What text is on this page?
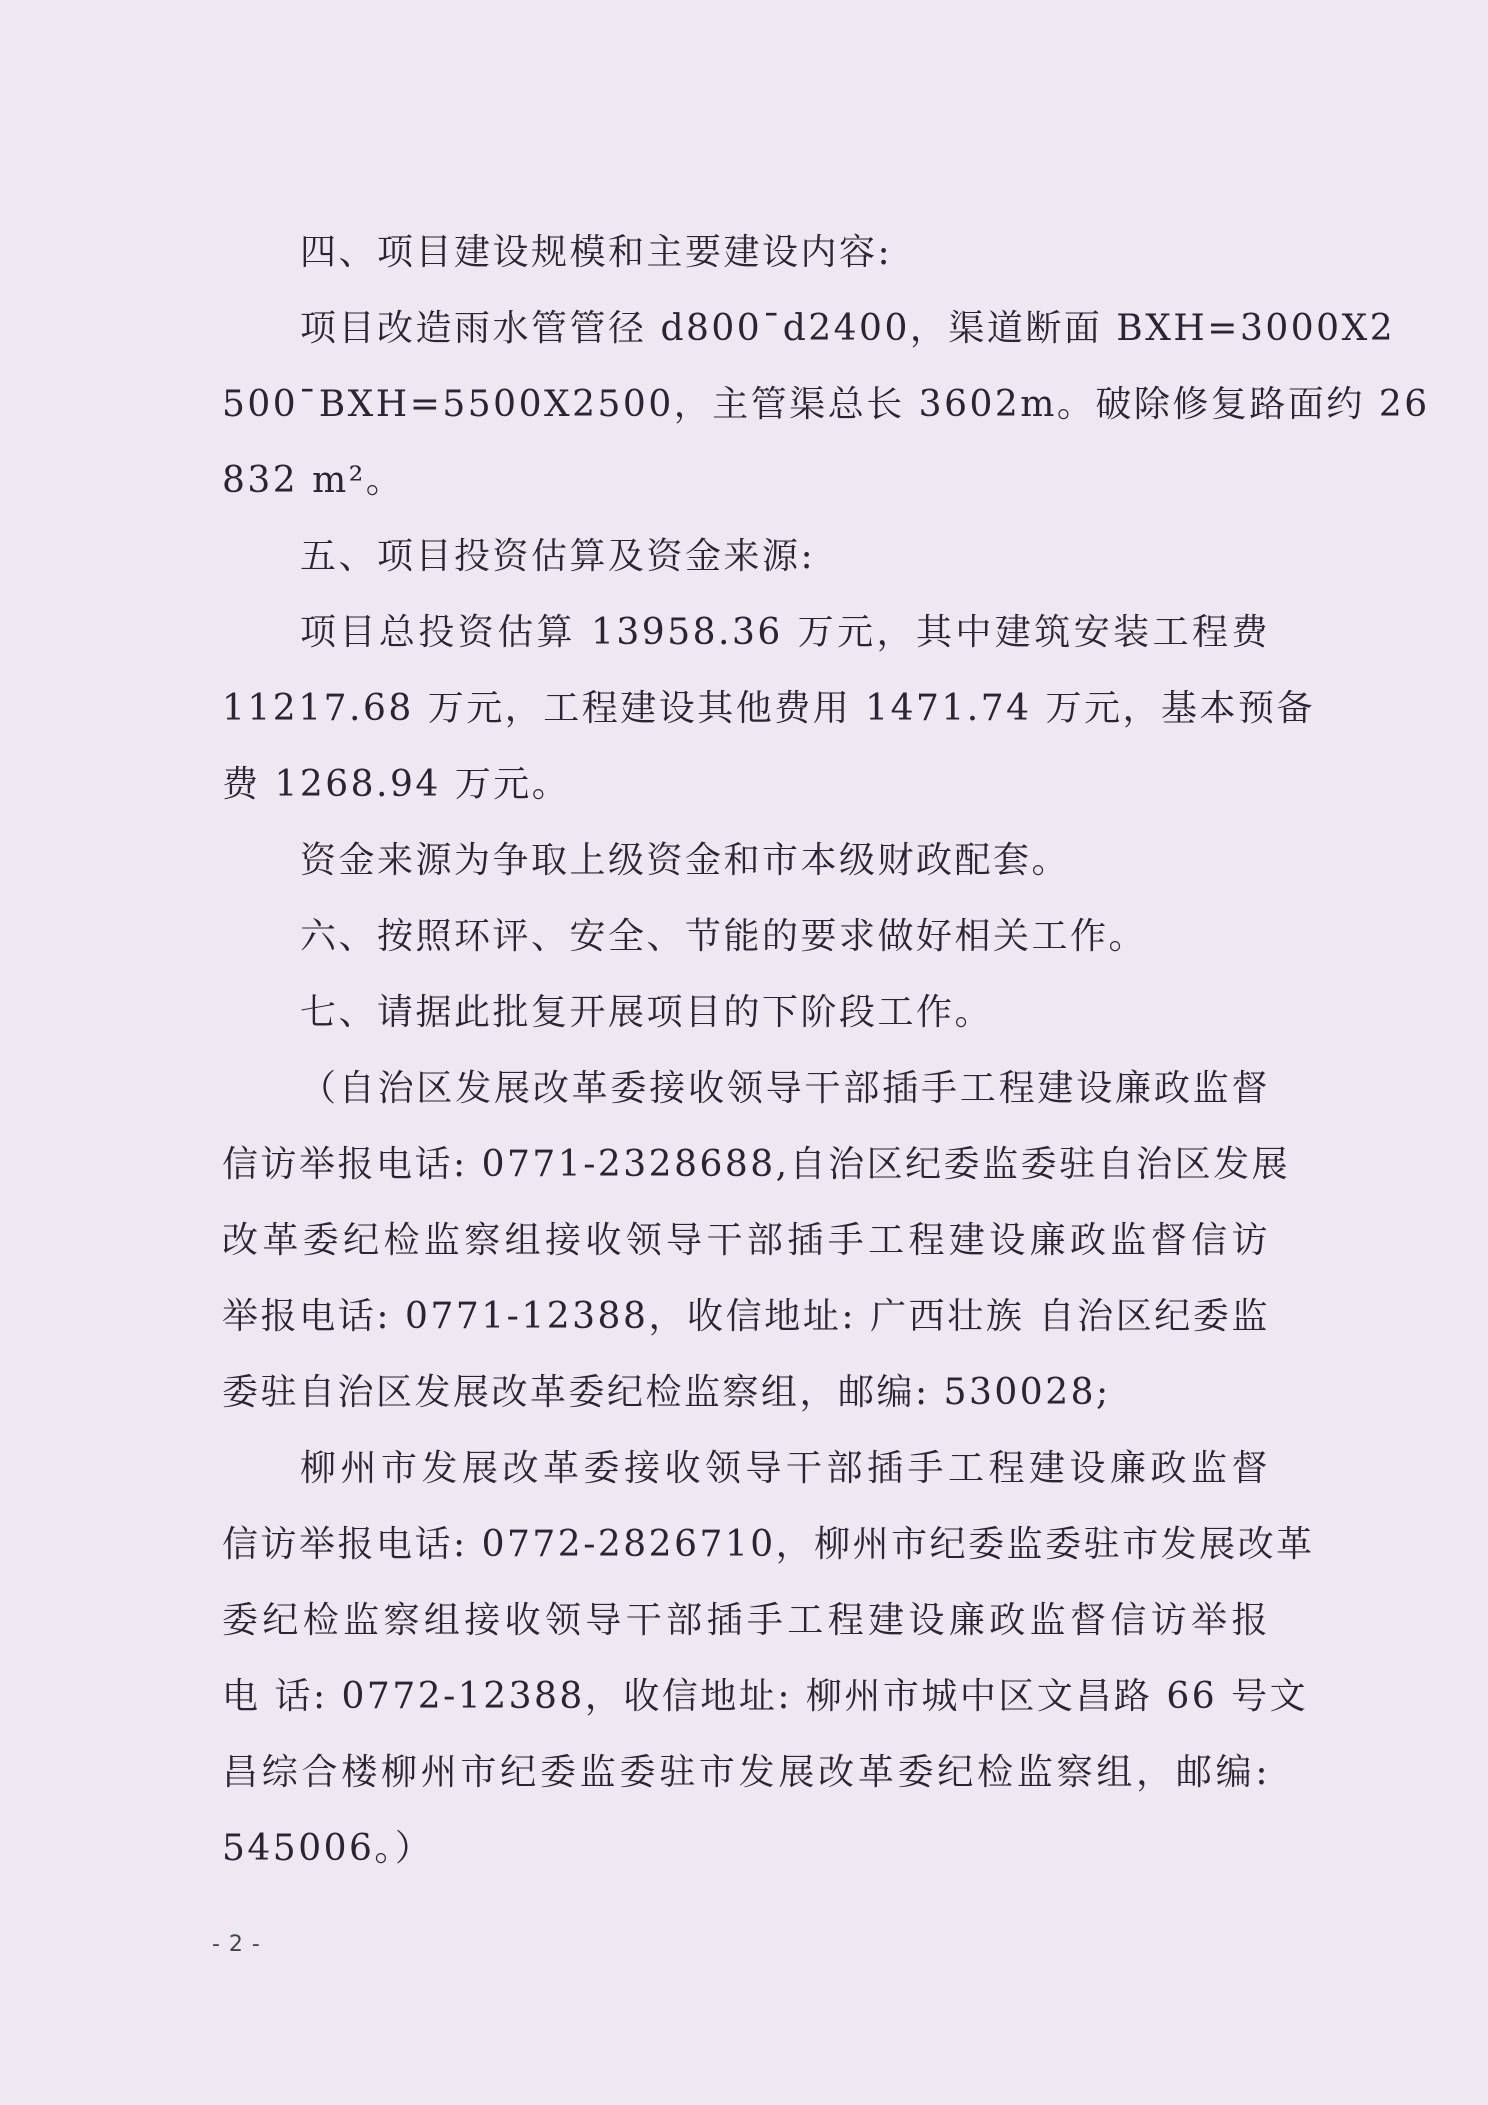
四、项目建设规模和主要建设内容:
项目改造雨水管管径 d800¯d2400，渠道断面 BXH=3000X2
500¯BXH=5500X2500，主管渠总长 3602m。破除修复路面约 26
832 m²。
五、项目投资估算及资金来源:
项目总投资估算 13958.36 万元，其中建筑安装工程费
11217.68 万元，工程建设其他费用 1471.74 万元，基本预备
费 1268.94 万元。
资金来源为争取上级资金和市本级财政配套。
六、按照环评、安全、节能的要求做好相关工作。
七、请据此批复开展项目的下阶段工作。
（自治区发展改革委接收领导干部插手工程建设廉政监督
信访举报电话: 0771-2328688,自治区纪委监委驻自治区发展
改革委纪检监察组接收领导干部插手工程建设廉政监督信访
举报电话: 0771-12388，收信地址: 广西壮族 自治区纪委监
委驻自治区发展改革委纪检监察组，邮编: 530028;
柳州市发展改革委接收领导干部插手工程建设廉政监督
信访举报电话: 0772-2826710，柳州市纪委监委驻市发展改革
委纪检监察组接收领导干部插手工程建设廉政监督信访举报
电 话: 0772-12388，收信地址: 柳州市城中区文昌路 66 号文
昌综合楼柳州市纪委监委驻市发展改革委纪检监察组，邮编:
545006。）
- 2 -
